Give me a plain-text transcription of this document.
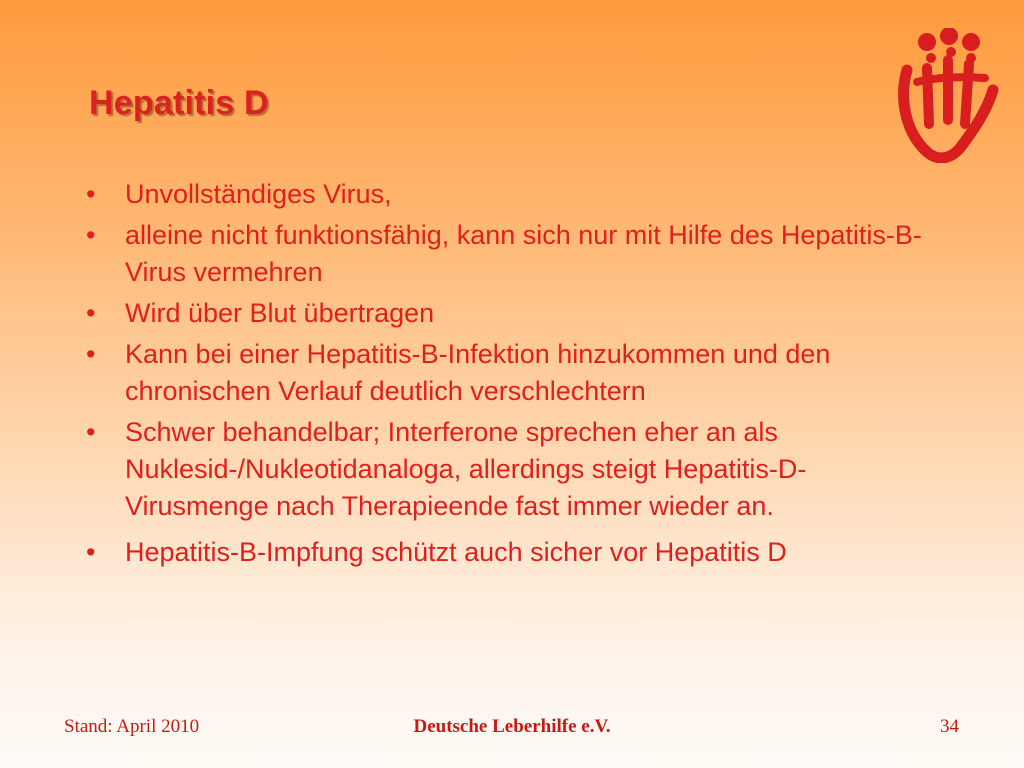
Hepatitis D
• Unvollständiges Virus,
• alleine nicht funktionsfähig, kann sich nur mit Hilfe des Hepatitis-B-Virus vermehren
• Wird über Blut übertragen
• Kann bei einer Hepatitis-B-Infektion hinzukommen und den chronischen Verlauf deutlich verschlechtern
• Schwer behandelbar; Interferone sprechen eher an als Nuklesid-/Nukleotidanaloga, allerdings steigt Hepatitis-D-Virusmenge nach Therapieende fast immer wieder an.
• Hepatitis-B-Impfung schützt auch sicher vor Hepatitis D
Deutsche Leberhilfe e.V.
Stand: April 2010	34
